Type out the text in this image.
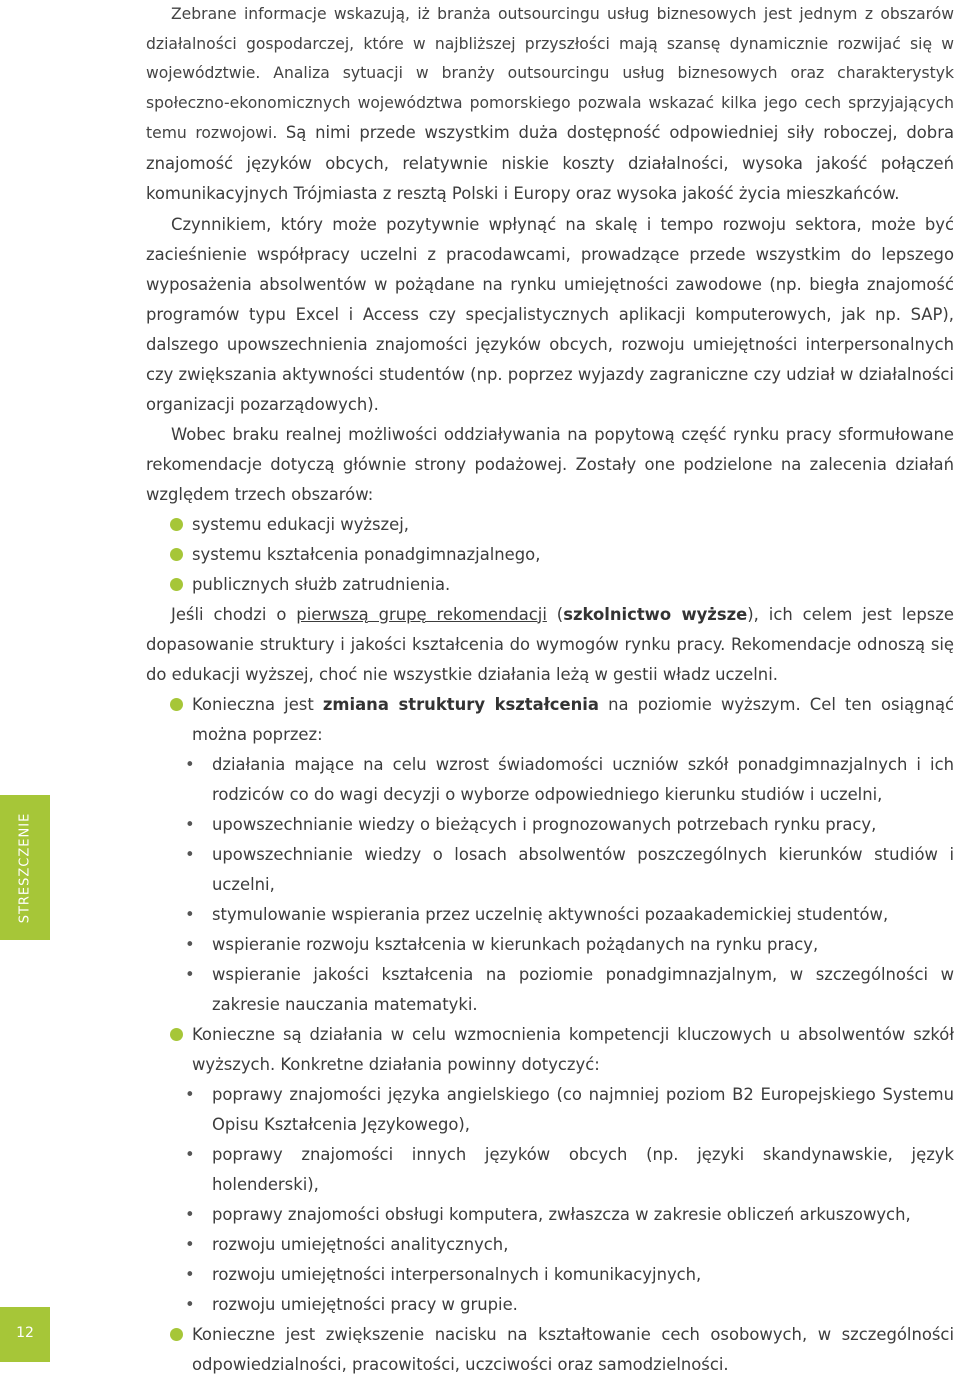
STRESZCZENIE
12

Zebrane informacje wskazują, iż branża outsourcingu usług biznesowych jest jednym z obszarów działalności gospodarczej, które w najbliższej przyszłości mają szansę dynamicznie rozwijać się w województwie. Analiza sytuacji w branży outsourcingu usług biznesowych oraz charakterystyk społeczno-ekonomicznych województwa pomorskiego pozwala wskazać kilka jego cech sprzyjających temu rozwojowi. Są nimi przede wszystkim duża dostępność odpowiedniej siły roboczej, dobra znajomość języków obcych, relatywnie niskie koszty działalności, wysoka jakość połączeń komunikacyjnych Trójmiasta z resztą Polski i Europy oraz wysoka jakość życia mieszkańców.

Czynnikiem, który może pozytywnie wpłynąć na skalę i tempo rozwoju sektora, może być zacieśnienie współpracy uczelni z pracodawcami, prowadzące przede wszystkim do lepszego wyposażenia absolwentów w pożądane na rynku umiejętności zawodowe (np. biegła znajomość programów typu Excel i Access czy specjalistycznych aplikacji komputerowych, jak np. SAP), dalszego upowszechnienia znajomości języków obcych, rozwoju umiejętności interpersonalnych czy zwiększania aktywności studentów (np. poprzez wyjazdy zagraniczne czy udział w działalności organizacji pozarządowych).

Wobec braku realnej możliwości oddziaływania na popytową część rynku pracy sformułowane rekomendacje dotyczą głównie strony podażowej. Zostały one podzielone na zalecenia działań względem trzech obszarów:

systemu edukacji wyższej,
systemu kształcenia ponadgimnazjalnego,
publicznych służb zatrudnienia.

Jeśli chodzi o pierwszą grupę rekomendacji (szkolnictwo wyższe), ich celem jest lepsze dopasowanie struktury i jakości kształcenia do wymogów rynku pracy. Rekomendacje odnoszą się do edukacji wyższej, choć nie wszystkie działania leżą w gestii władz uczelni.

Konieczna jest zmiana struktury kształcenia na poziomie wyższym. Cel ten osiągnąć można poprzez:
• działania mające na celu wzrost świadomości uczniów szkół ponadgimnazjalnych i ich rodziców co do wagi decyzji o wyborze odpowiedniego kierunku studiów i uczelni,
• upowszechnianie wiedzy o bieżących i prognozowanych potrzebach rynku pracy,
• upowszechnianie wiedzy o losach absolwentów poszczególnych kierunków studiów i uczelni,
• stymulowanie wspierania przez uczelnię aktywności pozaakademickiej studentów,
• wspieranie rozwoju kształcenia w kierunkach pożądanych na rynku pracy,
• wspieranie jakości kształcenia na poziomie ponadgimnazjalnym, w szczególności w zakresie nauczania matematyki.
Konieczne są działania w celu wzmocnienia kompetencji kluczowych u absolwentów szkół wyższych. Konkretne działania powinny dotyczyć:
• poprawy znajomości języka angielskiego (co najmniej poziom B2 Europejskiego Systemu Opisu Kształcenia Językowego),
• poprawy znajomości innych języków obcych (np. języki skandynawskie, język holenderski),
• poprawy znajomości obsługi komputera, zwłaszcza w zakresie obliczeń arkuszowych,
• rozwoju umiejętności analitycznych,
• rozwoju umiejętności interpersonalnych i komunikacyjnych,
• rozwoju umiejętności pracy w grupie.
Konieczne jest zwiększenie nacisku na kształtowanie cech osobowych, w szczególności odpowiedzialności, pracowitości, uczciwości oraz samodzielności.
